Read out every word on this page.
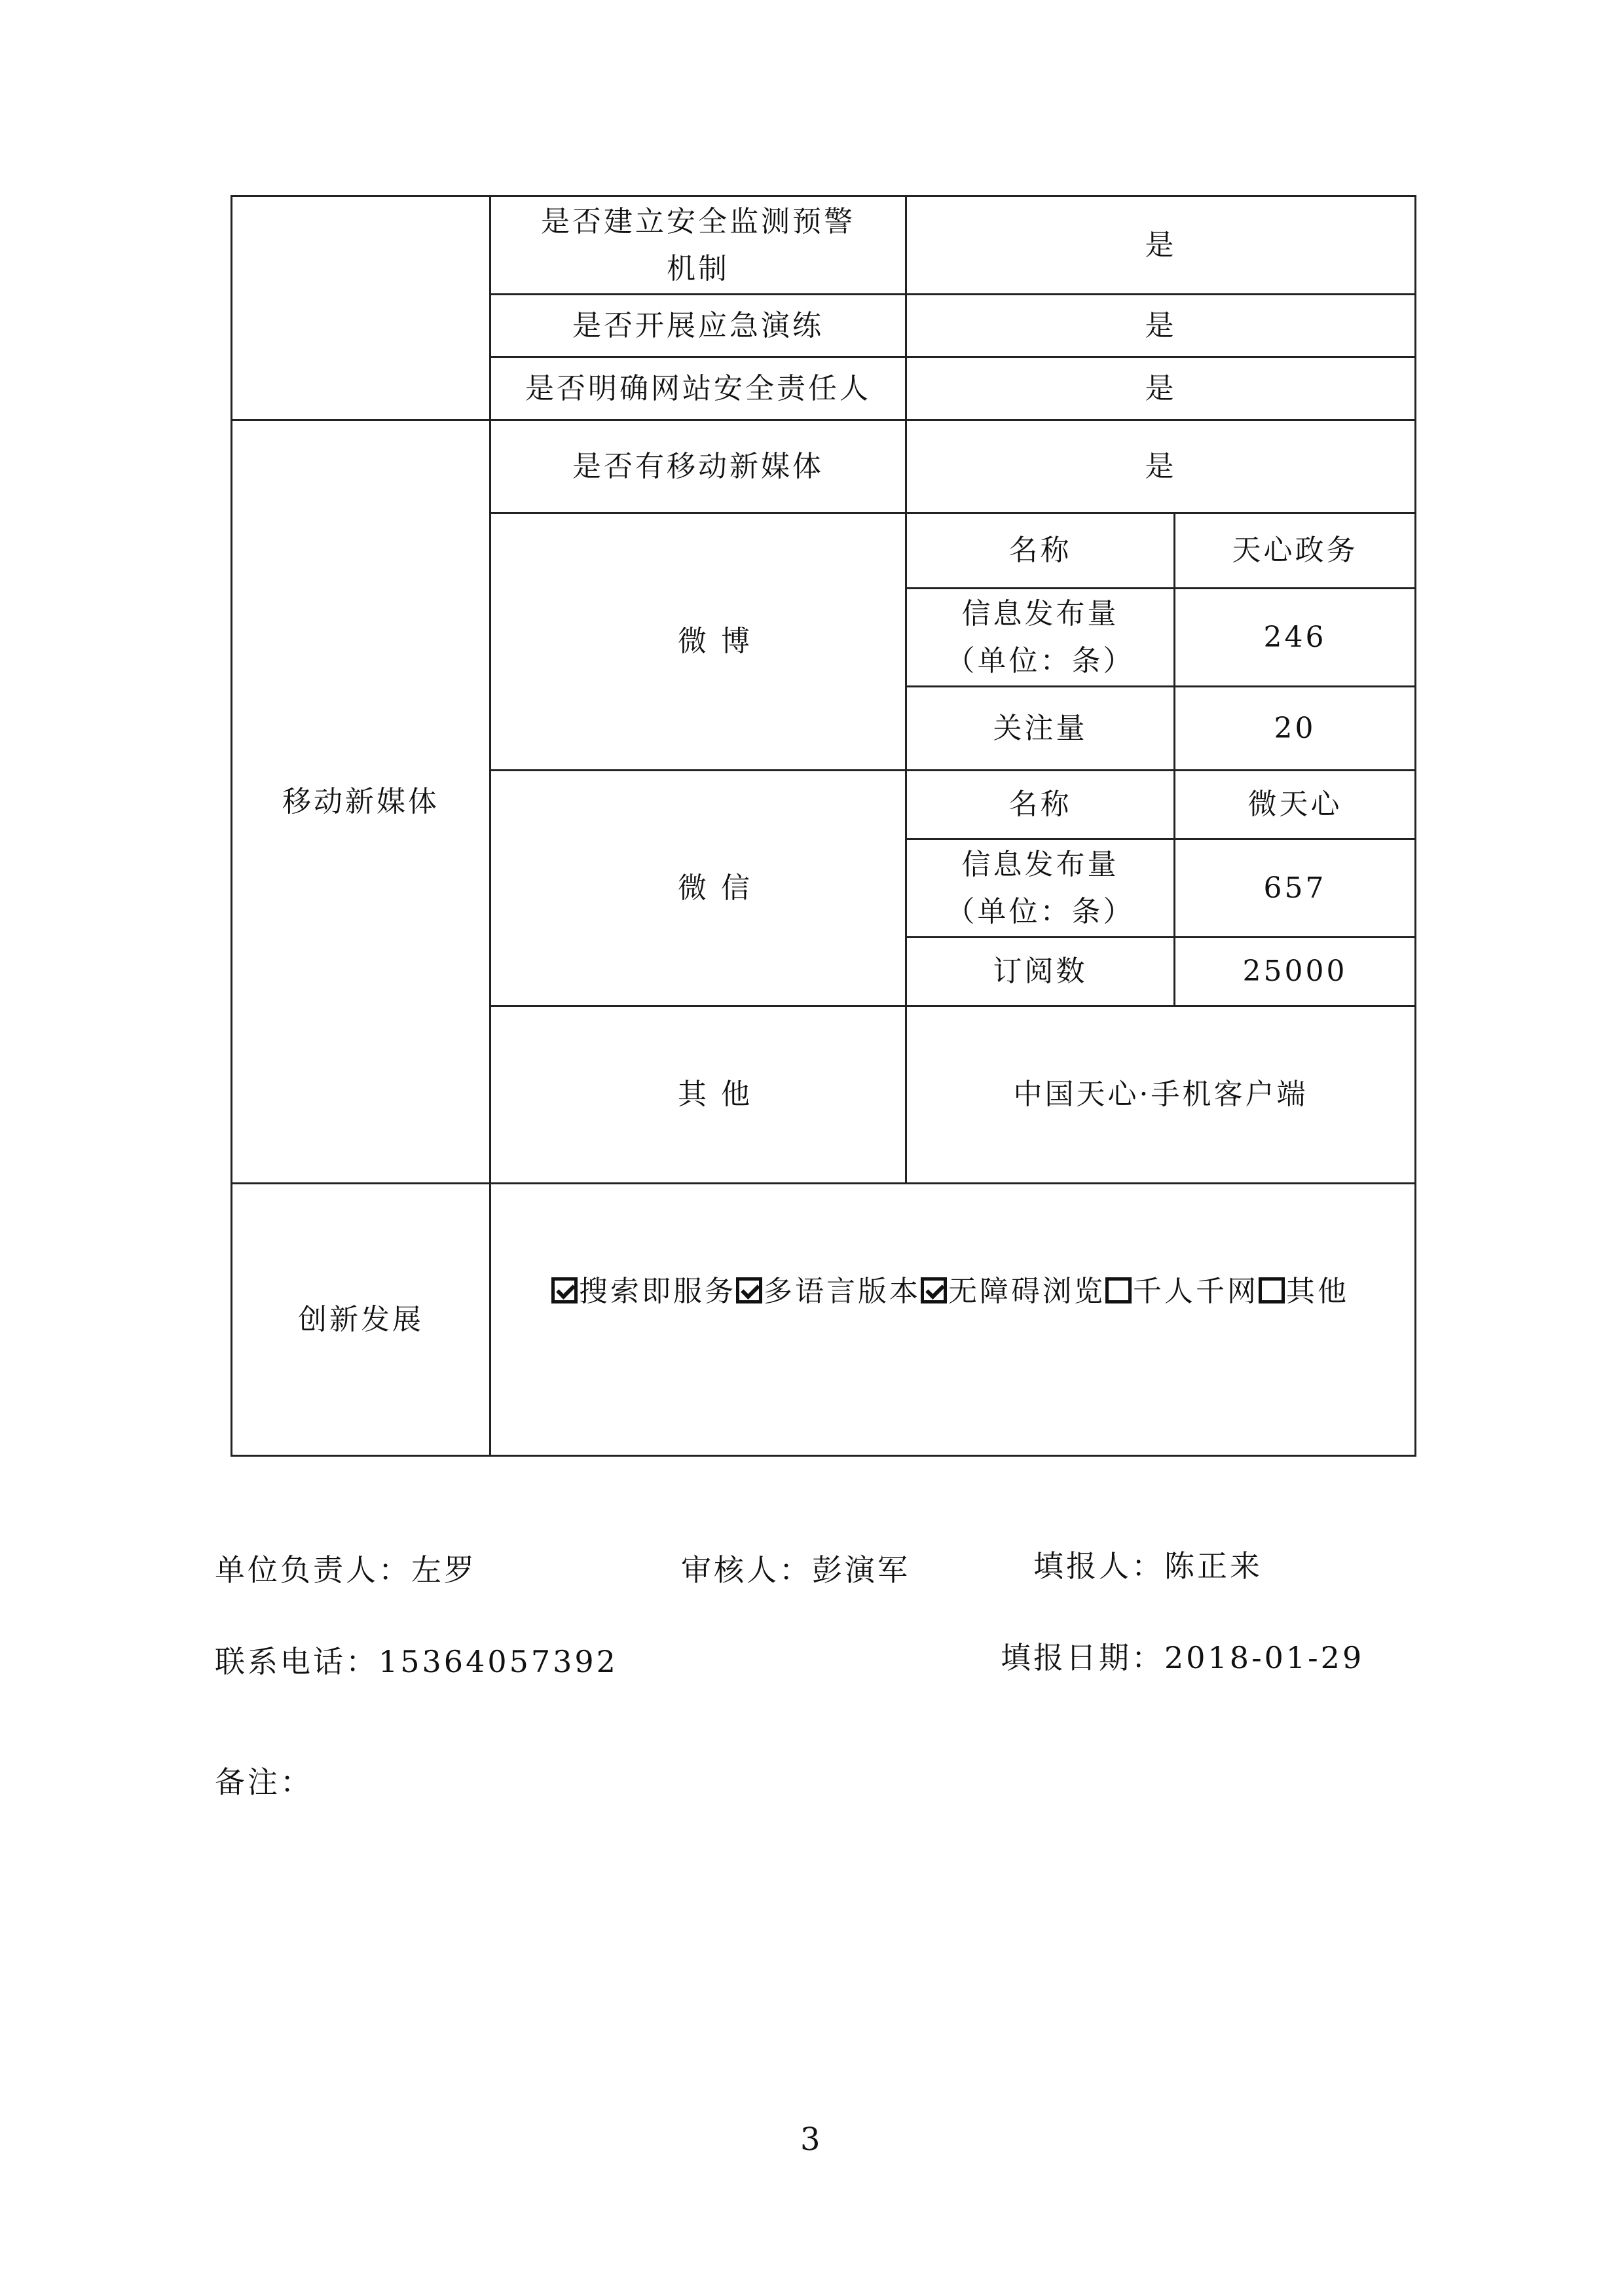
	是否建立安全监测预警机制	是	
	是否开展应急演练	是	
	是否明确网站安全责任人	是	
移动新媒体	是否有移动新媒体	是	
	微 博	名称	天心政务
		信息发布量（单位：条）	246
		关注量	20
	微 信	名称	微天心
		信息发布量（单位：条）	657
		订阅数	25000
	其 他	中国天心·手机客户端	
创新发展	搜索即服务 多语言版本 无障碍浏览 千人千网 其他		
单位负责人：左罗	审核人：彭演军	填报人：陈正来
联系电话：15364057392	填报日期：2018-01-29
备注：
3
